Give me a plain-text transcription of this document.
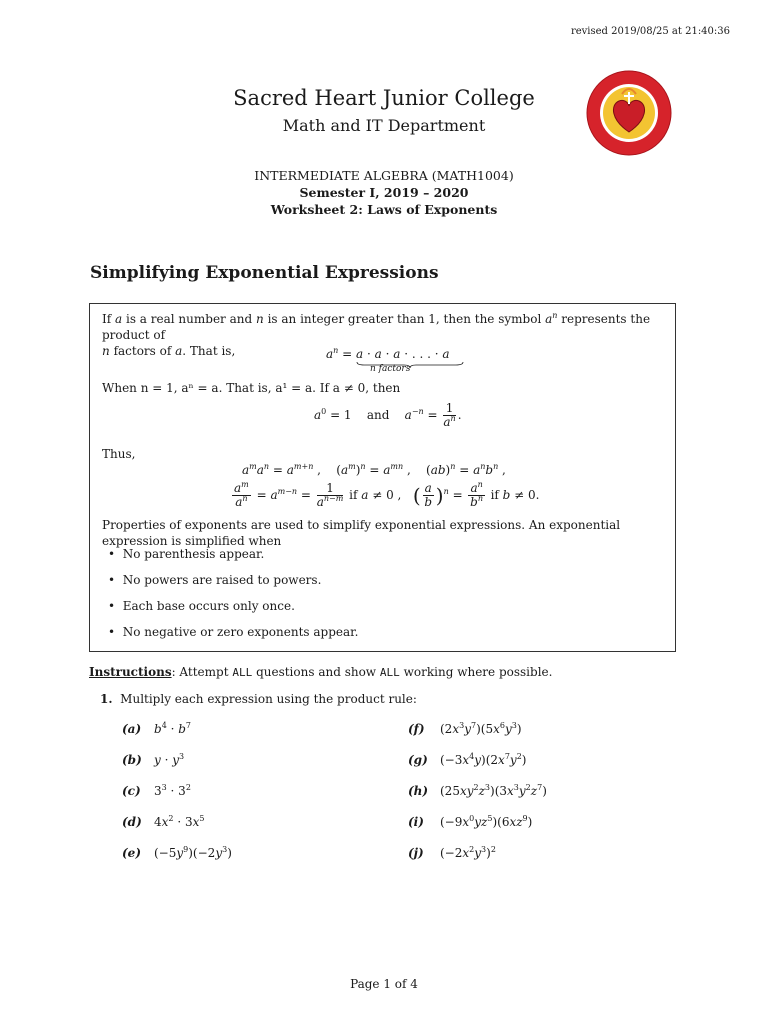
revised 2019/08/25 at 21:40:36
Sacred Heart Junior College
Math and IT Department
INTERMEDIATE ALGEBRA (MATH1004)
Semester I, 2019 – 2020
Worksheet 2: Laws of Exponents
Simplifying Exponential Expressions
If a is a real number and n is an integer greater than 1, then the symbol $a^n$ represents the product of
n factors of a. That is,	$a^n = a \cdot a \cdot a$ · . . . · a
n factors
When n = 1, aⁿ = a. That is, a¹ = a. If a ≠ 0, then
$a^0 = 1$    and $a^{-n} = \frac{1}{a^n}$ .
Thus,
$a^ma^n = a^{m+n}$ ,    $(a^m)^n = a^{mn}$ ,    $(ab)^n = a^nb^n$ ,
$\frac{a^m}{a^n} = a^{m-n} = \frac{1}{a^{n-m}}$ if a ≠ 0 ,   ( $\frac{a}{b} )^n = \frac{a^n}{b^n}$ if b ≠ 0.
Properties of exponents are used to simplify exponential expressions. An exponential expression is simplified when
•  No parenthesis appear.
•  No powers are raised to powers.
•  Each base occurs only once.
•  No negative or zero exponents appear.
Instructions: Attempt ALL questions and show ALL working where possible.
1. Multiply each expression using the product rule:
(a) $b^4 \cdot b^7$
(b) $y \cdot y^3$
(c) $3^3 \cdot 3^2$
(d) $4x^2 \cdot 3x^5$
(e) $(-5y^9)(-2y^3)$
(f) $(2x^3y^7)(5x^6y^3)$
(g) $(-3x^4y)(2x^7y^2)$
(h) $(25xy^2z^3)(3x^3y^2z^7)$
(i) $(-9x^0yz^5)(6xz^9)$
(j) $(-2x^2y^3)^2$
Page 1 of 4
